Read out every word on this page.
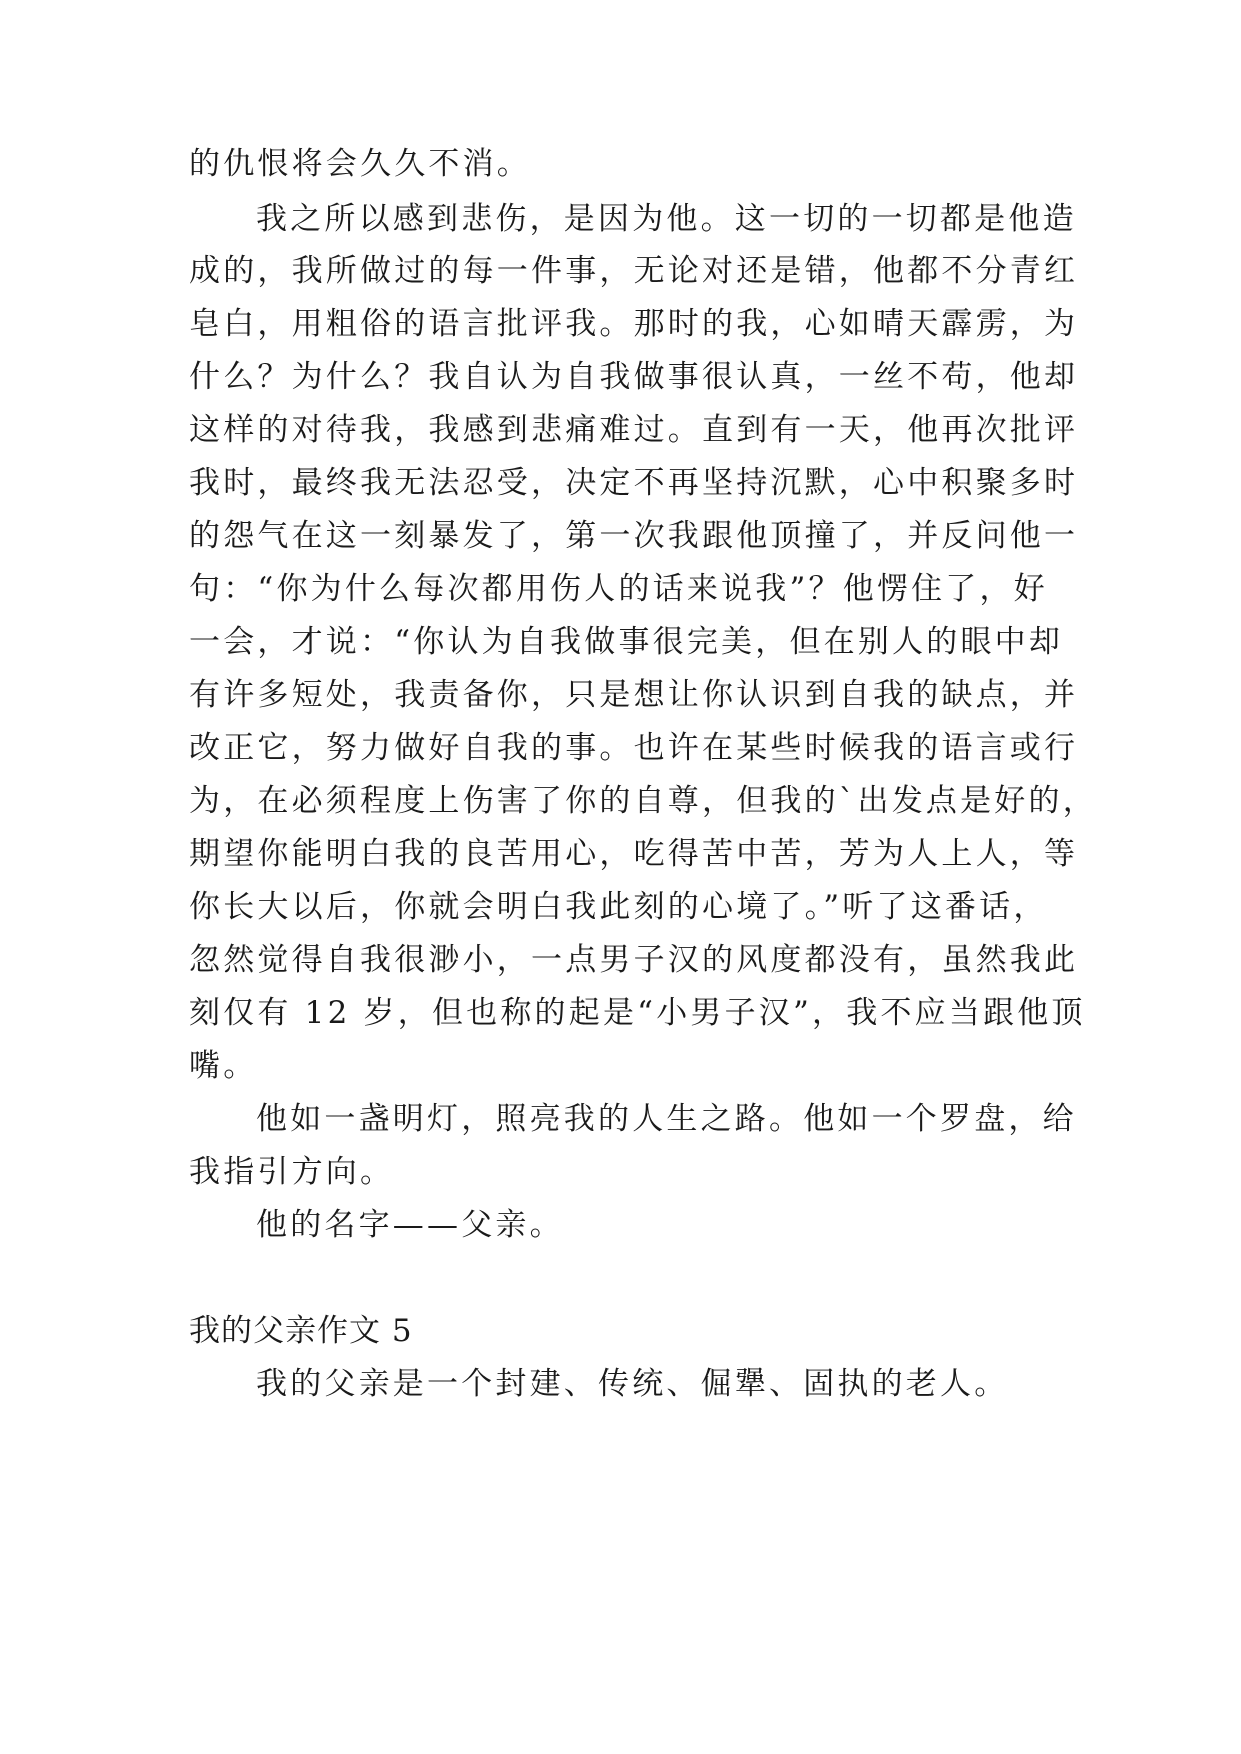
的仇恨将会久久不消。
我之所以感到悲伤，是因为他。这一切的一切都是他造
成的，我所做过的每一件事，无论对还是错，他都不分青红
皂白，用粗俗的语言批评我。那时的我，心如晴天霹雳，为
什么？为什么？我自认为自我做事很认真，一丝不苟，他却
这样的对待我，我感到悲痛难过。直到有一天，他再次批评
我时，最终我无法忍受，决定不再坚持沉默，心中积聚多时
的怨气在这一刻暴发了，第一次我跟他顶撞了，并反问他一
句：“你为什么每次都用伤人的话来说我”？他愣住了，好
一会，才说：“你认为自我做事很完美，但在别人的眼中却
有许多短处，我责备你，只是想让你认识到自我的缺点，并
改正它，努力做好自我的事。也许在某些时候我的语言或行
为，在必须程度上伤害了你的自尊，但我的`出发点是好的，
期望你能明白我的良苦用心，吃得苦中苦，芳为人上人，等
你长大以后，你就会明白我此刻的心境了。”听了这番话，
忽然觉得自我很渺小，一点男子汉的风度都没有，虽然我此
刻仅有 12 岁，但也称的起是“小男子汉”，我不应当跟他顶
嘴。
他如一盏明灯，照亮我的人生之路。他如一个罗盘，给
我指引方向。
他的名字——父亲。
我的父亲作文 5
我的父亲是一个封建、传统、倔犟、固执的老人。
